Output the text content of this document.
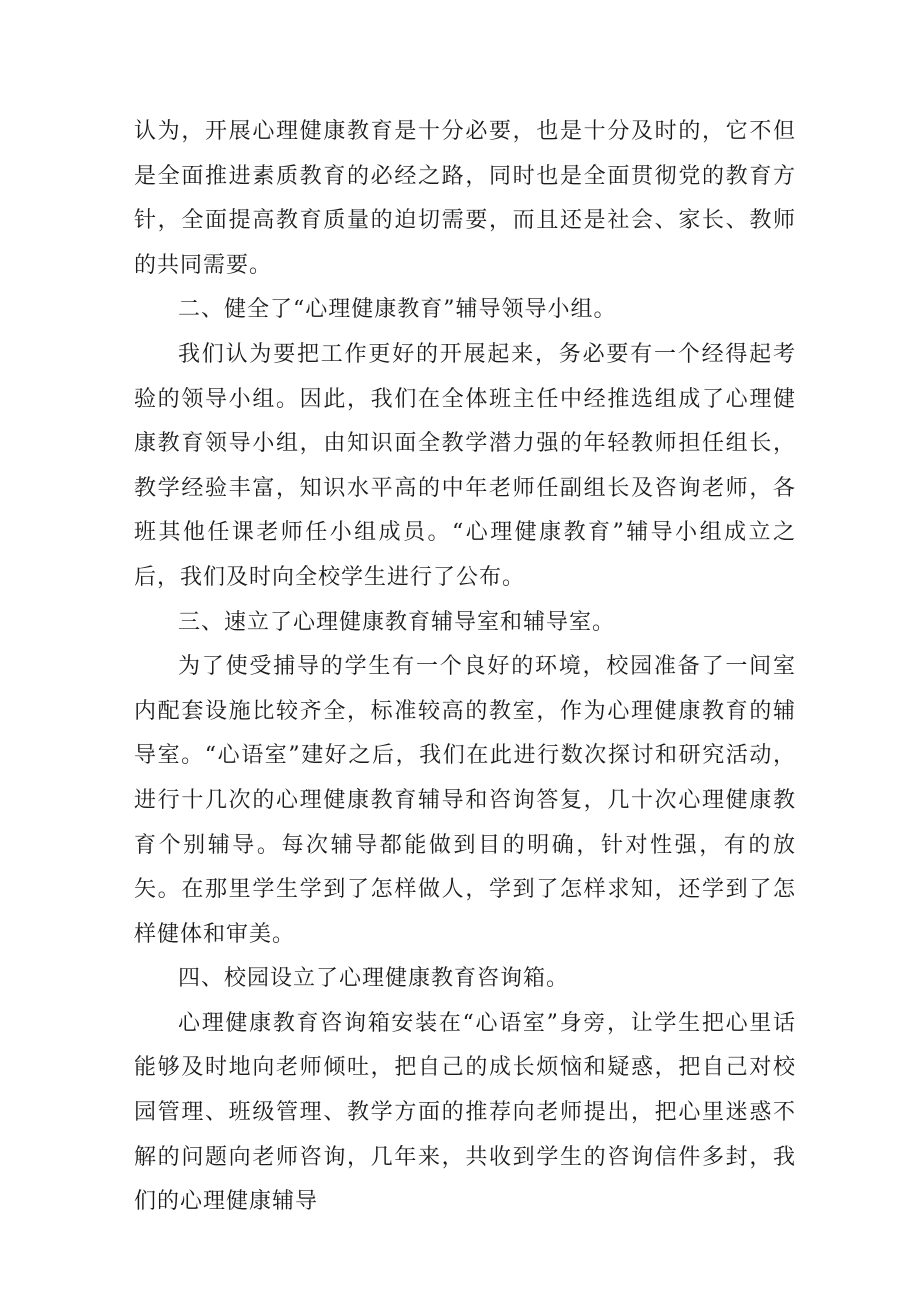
认为，开展心理健康教育是十分必要，也是十分及时的，它不但是全面推进素质教育的必经之路，同时也是全面贯彻党的教育方针，全面提高教育质量的迫切需要，而且还是社会、家长、教师的共同需要。

二、健全了“心理健康教育”辅导领导小组。

我们认为要把工作更好的开展起来，务必要有一个经得起考验的领导小组。因此，我们在全体班主任中经推选组成了心理健康教育领导小组，由知识面全教学潜力强的年轻教师担任组长，教学经验丰富，知识水平高的中年老师任副组长及咨询老师，各班其他任课老师任小组成员。“心理健康教育”辅导小组成立之后，我们及时向全校学生进行了公布。

三、速立了心理健康教育辅导室和辅导室。

为了使受捕导的学生有一个良好的环境，校园准备了一间室内配套设施比较齐全，标准较高的教室，作为心理健康教育的辅导室。“心语室”建好之后，我们在此进行数次探讨和研究活动，进行十几次的心理健康教育辅导和咨询答复，几十次心理健康教育个别辅导。每次辅导都能做到目的明确，针对性强，有的放矢。在那里学生学到了怎样做人，学到了怎样求知，还学到了怎样健体和审美。

四、校园设立了心理健康教育咨询箱。

心理健康教育咨询箱安装在“心语室”身旁，让学生把心里话能够及时地向老师倾吐，把自己的成长烦恼和疑惑，把自己对校园管理、班级管理、教学方面的推荐向老师提出，把心里迷惑不解的问题向老师咨询，几年来，共收到学生的咨询信件多封，我们的心理健康辅导
